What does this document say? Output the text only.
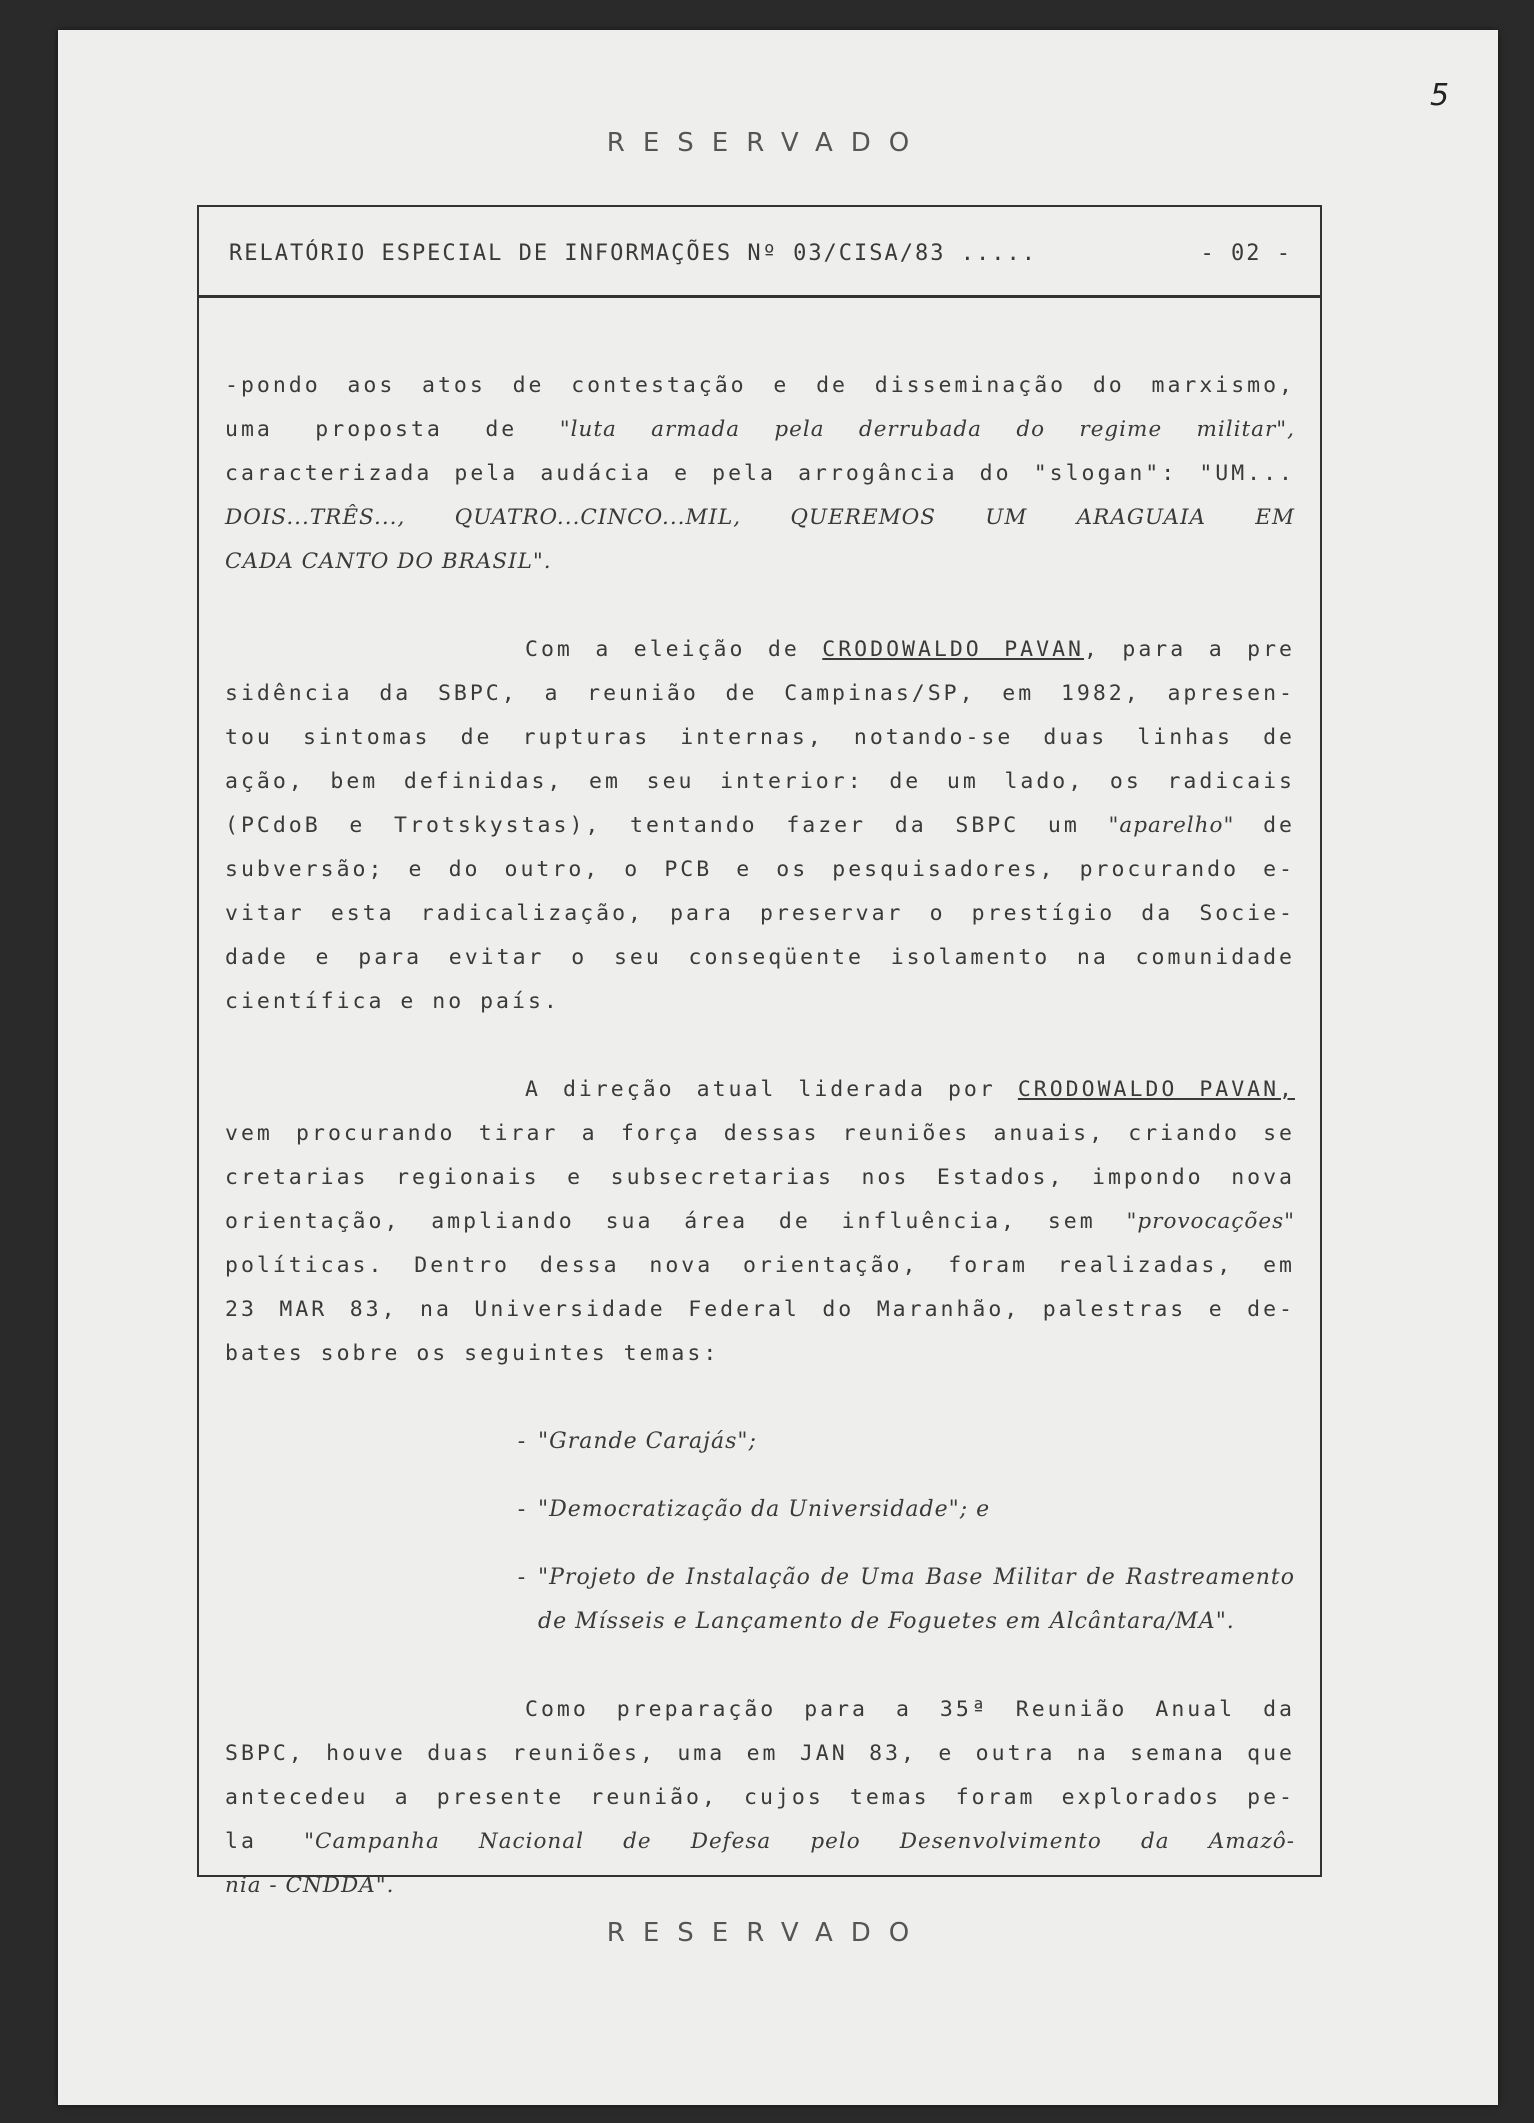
5
RESERVADO
RELATÓRIO ESPECIAL DE INFORMAÇÕES Nº 03/CISA/83 .....	- 02 -

-pondo aos atos de contestação e de disseminação do marxismo,
uma proposta de "luta armada pela derrubada do regime militar",
caracterizada pela audácia e pela arrogância do "slogan": "UM...
DOIS...TRÊS..., QUATRO...CINCO...MIL, QUEREMOS UM ARAGUAIA EM
CADA CANTO DO BRASIL".

Com a eleição de CRODOWALDO PAVAN, para a pre
sidência da SBPC, a reunião de Campinas/SP, em 1982, apresen-
tou sintomas de rupturas internas, notando-se duas linhas de
ação, bem definidas, em seu interior: de um lado, os radicais
(PCdoB e Trotskystas), tentando fazer da SBPC um "aparelho" de
subversão; e do outro, o PCB e os pesquisadores, procurando e-
vitar esta radicalização, para preservar o prestígio da Socie-
dade e para evitar o seu conseqüente isolamento na comunidade
científica e no país.

A direção atual liderada por CRODOWALDO PAVAN,
vem procurando tirar a força dessas reuniões anuais, criando se
cretarias regionais e subsecretarias nos Estados, impondo nova
orientação, ampliando sua área de influência, sem "provocações"
políticas. Dentro dessa nova orientação, foram realizadas, em
23 MAR 83, na Universidade Federal do Maranhão, palestras e de-
bates sobre os seguintes temas:

- "Grande Carajás";
- "Democratização da Universidade"; e
- "Projeto de Instalação de Uma Base Militar de Rastreamento de Mísseis e Lançamento de Foguetes em Alcântara/MA".

Como preparação para a 35ª Reunião Anual da
SBPC, houve duas reuniões, uma em JAN 83, e outra na semana que
antecedeu a presente reunião, cujos temas foram explorados pe-
la "Campanha Nacional de Defesa pelo Desenvolvimento da Amazô-
nia - CNDDA".

RESERVADO
